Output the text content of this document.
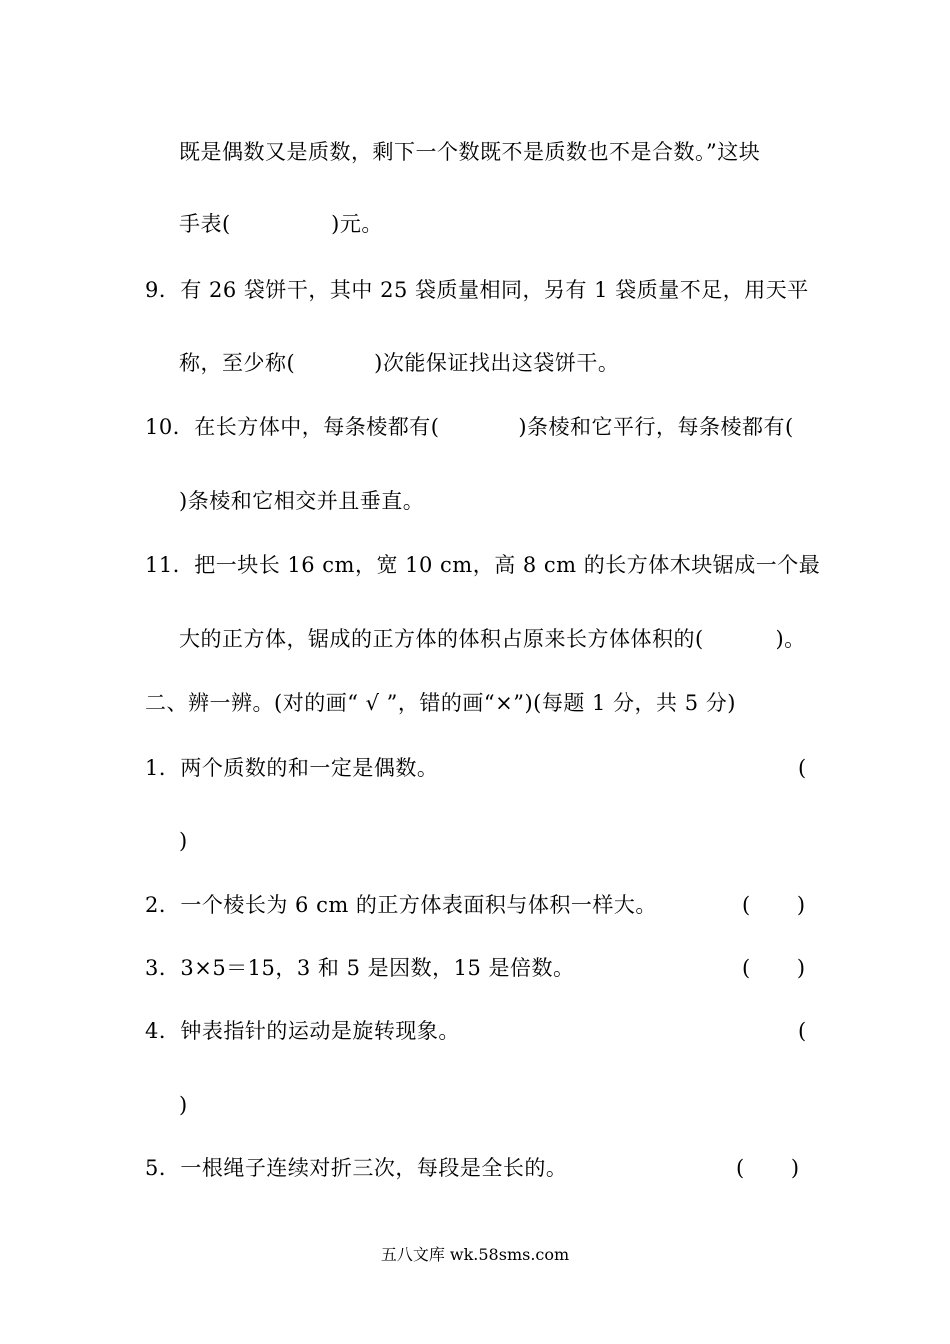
既是偶数又是质数，剩下一个数既不是质数也不是合数。”这块
手表(              )元。
9．有 26 袋饼干，其中 25 袋质量相同，另有 1 袋质量不足，用天平
称，至少称(           )次能保证找出这袋饼干。
10．在长方体中，每条棱都有(           )条棱和它平行，每条棱都有(
)条棱和它相交并且垂直。
11．把一块长 16 cm，宽 10 cm，高 8 cm 的长方体木块锯成一个最
大的正方体，锯成的正方体的体积占原来长方体体积的(          )。
二、辨一辨。(对的画“ √ ”，错的画“×”)(每题 1 分，共 5 分)
1．两个质数的和一定是偶数。	(
)
2．一个棱长为 6 cm 的正方体表面积与体积一样大。	(       )
3．3×5＝15，3 和 5 是因数，15 是倍数。	(       )
4．钟表指针的运动是旋转现象。	(
)
5．一根绳子连续对折三次，每段是全长的。	(       )
五八文库 wk.58sms.com
